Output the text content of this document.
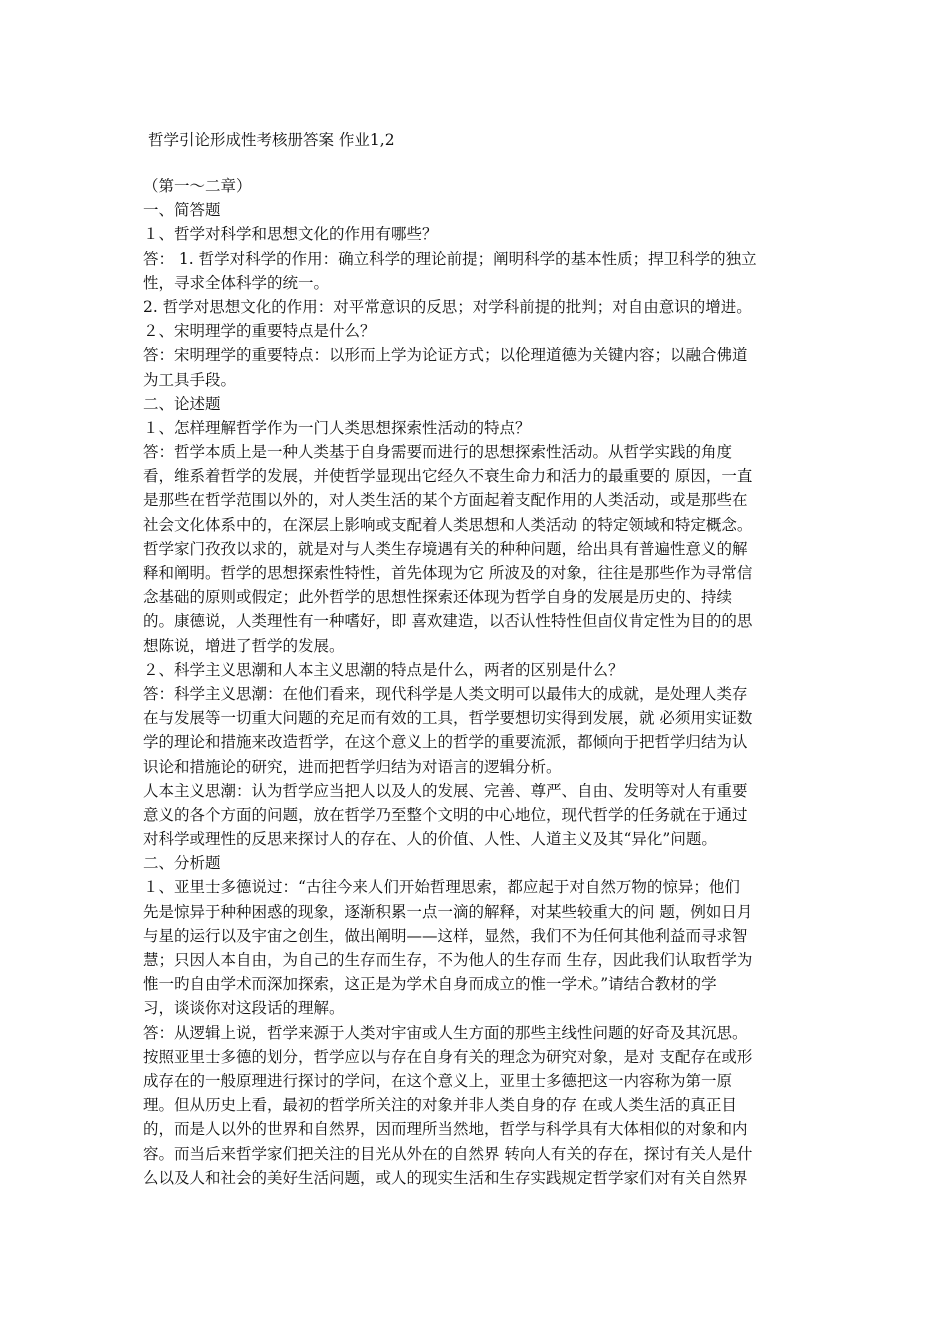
哲学引论形成性考核册答案 作业1,2
（第一～二章）
一、简答题
１、哲学对科学和思想文化的作用有哪些？
答： 1. 哲学对科学的作用：确立科学的理论前提；阐明科学的基本性质；捍卫科学的独立
性，寻求全体科学的统一。
2. 哲学对思想文化的作用：对平常意识的反思；对学科前提的批判；对自由意识的增进。
２、宋明理学的重要特点是什么？
答：宋明理学的重要特点：以形而上学为论证方式；以伦理道德为关键内容；以融合佛道
为工具手段。
二、论述题
１、怎样理解哲学作为一门人类思想探索性活动的特点？
答：哲学本质上是一种人类基于自身需要而进行的思想探索性活动。从哲学实践的角度
看，维系着哲学的发展，并使哲学显现出它经久不衰生命力和活力的最重要的 原因，一直
是那些在哲学范围以外的，对人类生活的某个方面起着支配作用的人类活动，或是那些在
社会文化体系中的，在深层上影响或支配着人类思想和人类活动 的特定领域和特定概念。
哲学家门孜孜以求的，就是对与人类生存境遇有关的种种问题，给出具有普遍性意义的解
释和阐明。哲学的思想探索性特性，首先体现为它 所波及的对象，往往是那些作为寻常信
念基础的原则或假定；此外哲学的思想性探索还体现为哲学自身的发展是历史的、持续
的。康德说，人类理性有一种嗜好，即 喜欢建造，以否认性特性但卣仪肯定性为目的的思
想陈说，增进了哲学的发展。
２、科学主义思潮和人本主义思潮的特点是什么，两者的区别是什么？
答：科学主义思潮：在他们看来，现代科学是人类文明可以最伟大的成就，是处理人类存
在与发展等一切重大问题的充足而有效的工具，哲学要想切实得到发展，就 必须用实证数
学的理论和措施来改造哲学，在这个意义上的哲学的重要流派，都倾向于把哲学归结为认
识论和措施论的研究，进而把哲学归结为对语言的逻辑分析。
人本主义思潮：认为哲学应当把人以及人的发展、完善、尊严、自由、发明等对人有重要
意义的各个方面的问题，放在哲学乃至整个文明的中心地位，现代哲学的任务就在于通过
对科学或理性的反思来探讨人的存在、人的价值、人性、人道主义及其“异化”问题。
二、分析题
１、亚里士多德说过：“古往今来人们开始哲理思索，都应起于对自然万物的惊异；他们
先是惊异于种种困惑的现象，逐渐积累一点一滴的解释，对某些较重大的问 题，例如日月
与星的运行以及宇宙之创生，做出阐明——这样，显然，我们不为任何其他利益而寻求智
慧；只因人本自由，为自己的生存而生存，不为他人的生存而 生存，因此我们认取哲学为
惟一旳自由学术而深加探索，这正是为学术自身而成立的惟一学术。”请结合教材的学
习，谈谈你对这段话的理解。
答：从逻辑上说，哲学来源于人类对宇宙或人生方面的那些主线性问题的好奇及其沉思。
按照亚里士多德的划分，哲学应以与存在自身有关的理念为研究对象，是对 支配存在或形
成存在的一般原理进行探讨的学问，在这个意义上，亚里士多德把这一内容称为第一原
理。但从历史上看，最初的哲学所关注的对象并非人类自身的存 在或人类生活的真正目
的，而是人以外的世界和自然界，因而理所当然地，哲学与科学具有大体相似的对象和内
容。而当后来哲学家们把关注的目光从外在的自然界 转向人有关的存在，探讨有关人是什
么以及人和社会的美好生活问题，或人的现实生活和生存实践规定哲学家们对有关自然界
